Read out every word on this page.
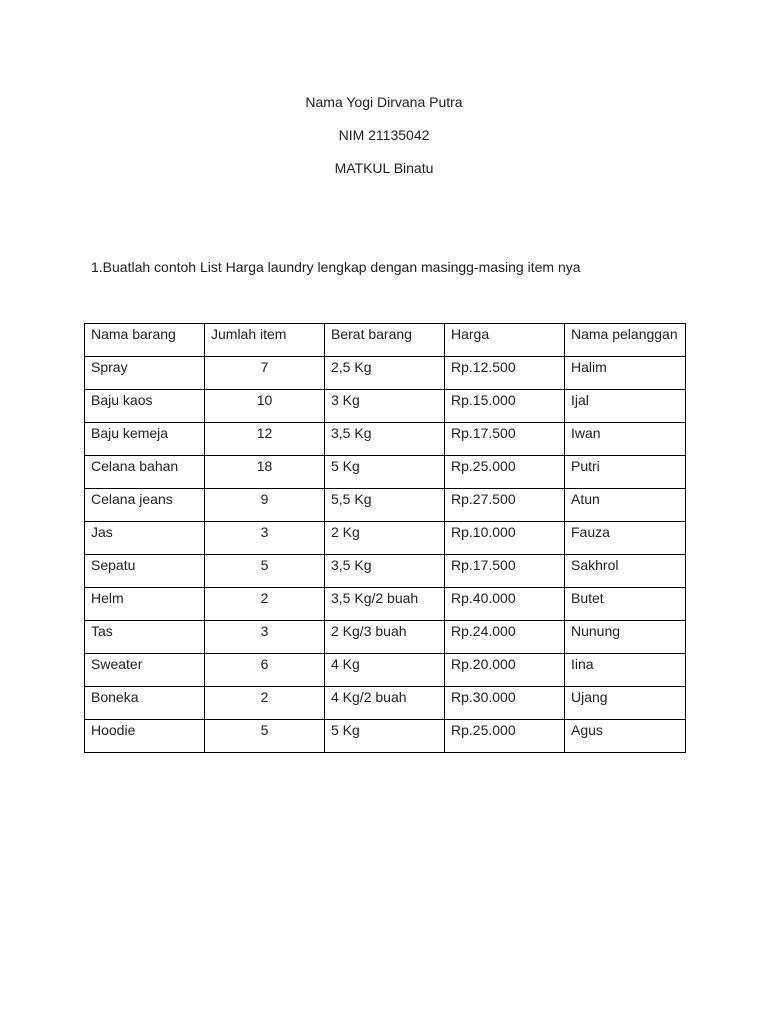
Nama Yogi Dirvana Putra
NIM 21135042
MATKUL Binatu
1.Buatlah contoh List Harga laundry lengkap dengan masingg-masing item nya
Nama barang	Jumlah item	Berat barang	Harga	Nama pelanggan
Spray	7	2,5 Kg	Rp.12.500	Halim
Baju kaos	10	3 Kg	Rp.15.000	Ijal
Baju kemeja	12	3,5 Kg	Rp.17.500	Iwan
Celana bahan	18	5 Kg	Rp.25.000	Putri
Celana jeans	9	5,5 Kg	Rp.27.500	Atun
Jas	3	2 Kg	Rp.10.000	Fauza
Sepatu	5	3,5 Kg	Rp.17.500	Sakhrol
Helm	2	3,5 Kg/2 buah	Rp.40.000	Butet
Tas	3	2 Kg/3 buah	Rp.24.000	Nunung
Sweater	6	4 Kg	Rp.20.000	Iina
Boneka	2	4 Kg/2 buah	Rp.30.000	Ujang
Hoodie	5	5 Kg	Rp.25.000	Agus
